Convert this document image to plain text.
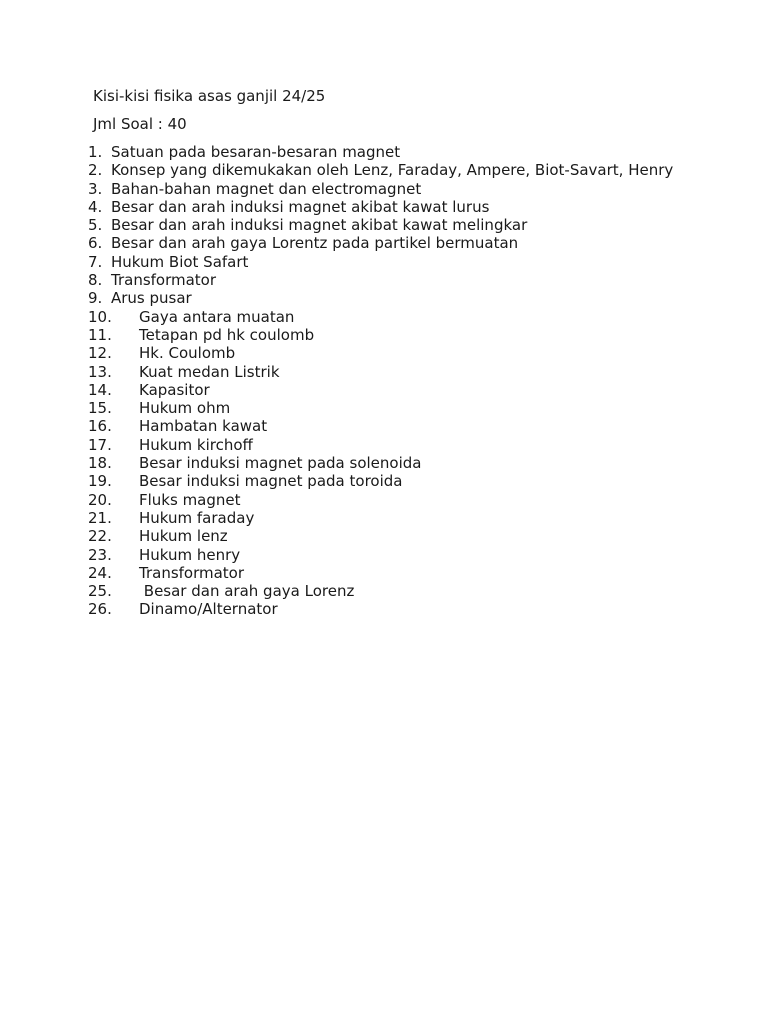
Kisi-kisi fisika asas ganjil 24/25
Jml Soal : 40
1. Satuan pada besaran-besaran magnet
2. Konsep yang dikemukakan oleh Lenz, Faraday, Ampere, Biot-Savart, Henry
3. Bahan-bahan magnet dan electromagnet
4. Besar dan arah induksi magnet akibat kawat lurus
5. Besar dan arah induksi magnet akibat kawat melingkar
6. Besar dan arah gaya Lorentz pada partikel bermuatan
7. Hukum Biot Safart
8. Transformator
9. Arus pusar
10.	Gaya antara muatan
11.	Tetapan pd hk coulomb
12.	Hk. Coulomb
13.	Kuat medan Listrik
14.	Kapasitor
15.	Hukum ohm
16.	Hambatan kawat
17.	Hukum kirchoff
18.	Besar induksi magnet pada solenoida
19.	Besar induksi magnet pada toroida
20.	Fluks magnet
21.	Hukum faraday
22.	Hukum lenz
23.	Hukum henry
24.	Transformator
25.	Besar dan arah gaya Lorenz
26.	Dinamo/Alternator
